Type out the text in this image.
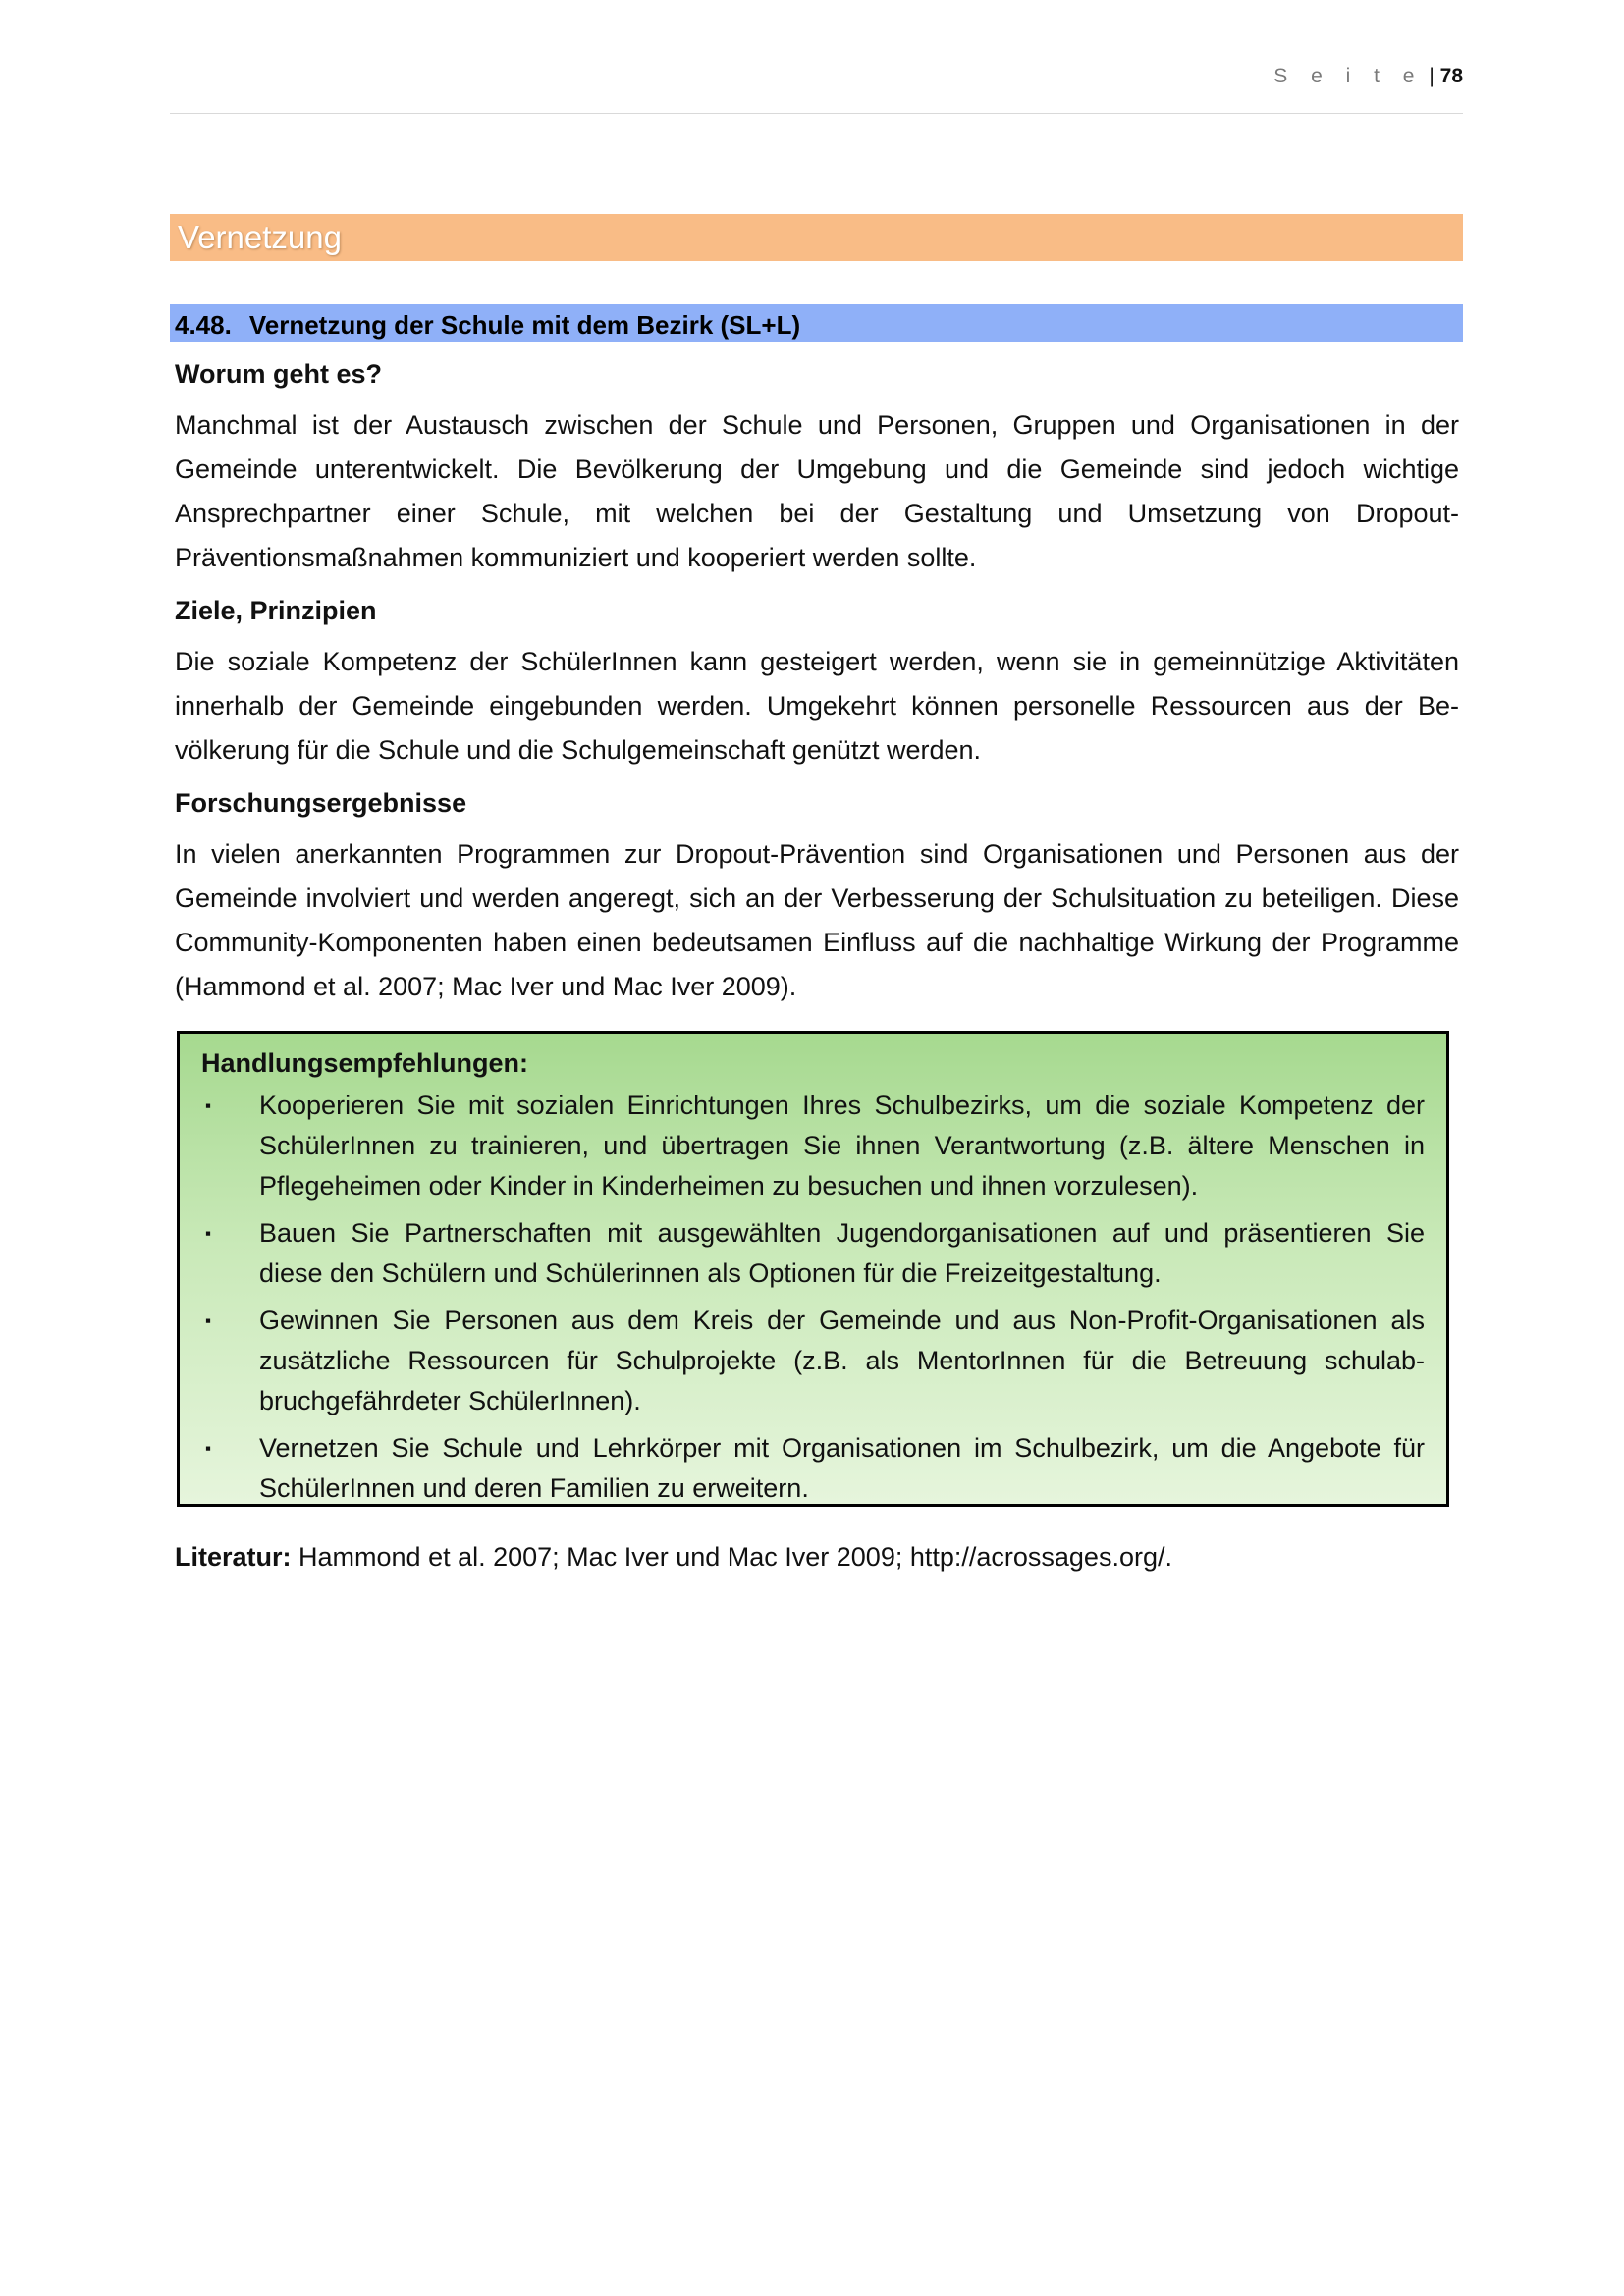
S e i t e | 78
Vernetzung
4.48. Vernetzung der Schule mit dem Bezirk (SL+L)
Worum geht es?

Manchmal ist der Austausch zwischen der Schule und Personen, Gruppen und Organisationen in der Gemeinde unterentwickelt. Die Bevölkerung der Umgebung und die Gemeinde sind jedoch wichtige Ansprechpartner einer Schule, mit welchen bei der Gestaltung und Umsetzung von Dropout-Präventionsmaßnahmen kommuniziert und kooperiert werden sollte.

Ziele, Prinzipien

Die soziale Kompetenz der SchülerInnen kann gesteigert werden, wenn sie in gemeinnützige Aktivitäten innerhalb der Gemeinde eingebunden werden. Umgekehrt können personelle Ressourcen aus der Be-völkerung für die Schule und die Schulgemeinschaft genützt werden.

Forschungsergebnisse

In vielen anerkannten Programmen zur Dropout-Prävention sind Organisationen und Personen aus der Gemeinde involviert und werden angeregt, sich an der Verbesserung der Schulsituation zu beteiligen. Diese Community-Komponenten haben einen bedeutsamen Einfluss auf die nachhaltige Wirkung der Programme (Hammond et al. 2007; Mac Iver und Mac Iver 2009).

Handlungsempfehlungen:
▪ Kooperieren Sie mit sozialen Einrichtungen Ihres Schulbezirks, um die soziale Kompetenz der SchülerInnen zu trainieren, und übertragen Sie ihnen Verantwortung (z.B. ältere Menschen in Pflegeheimen oder Kinder in Kinderheimen zu besuchen und ihnen vorzulesen).
▪ Bauen Sie Partnerschaften mit ausgewählten Jugendorganisationen auf und präsentieren Sie diese den Schülern und Schülerinnen als Optionen für die Freizeitgestaltung.
▪ Gewinnen Sie Personen aus dem Kreis der Gemeinde und aus Non-Profit-Organisationen als zusätzliche Ressourcen für Schulprojekte (z.B. als MentorInnen für die Betreuung schulab-bruchgefährdeter SchülerInnen).
▪ Vernetzen Sie Schule und Lehrkörper mit Organisationen im Schulbezirk, um die Angebote für SchülerInnen und deren Familien zu erweitern.
Literatur: Hammond et al. 2007; Mac Iver und Mac Iver 2009; http://acrossages.org/.
